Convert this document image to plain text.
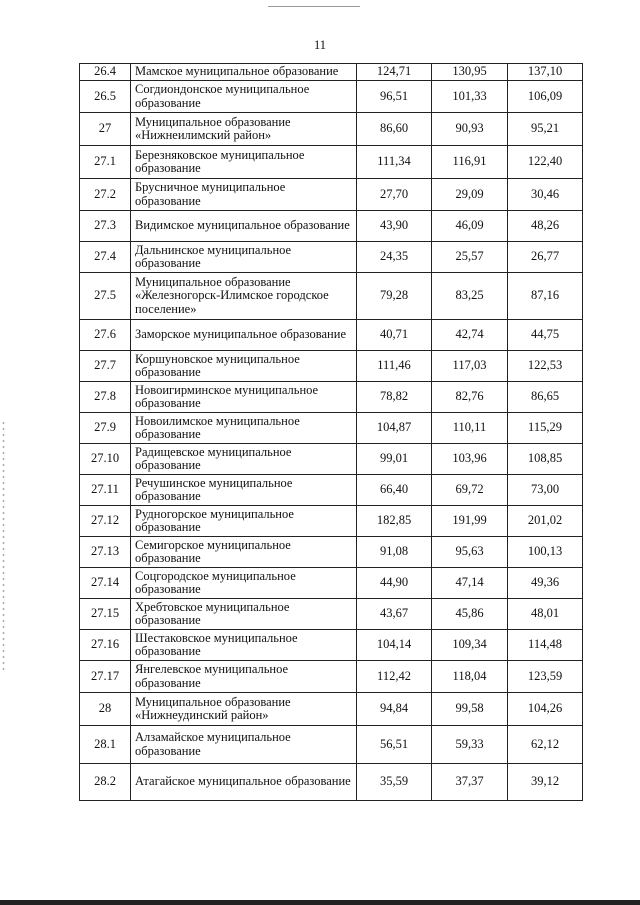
11
26.4	Мамское муниципальное образование	124,71	130,95	137,10
26.5	Согдиондонское муниципальное образование	96,51	101,33	106,09
27	Муниципальное образование «Нижнеилимский район»	86,60	90,93	95,21
27.1	Березняковское муниципальное образование	111,34	116,91	122,40
27.2	Брусничное муниципальное образование	27,70	29,09	30,46
27.3	Видимское муниципальное образование	43,90	46,09	48,26
27.4	Дальнинское муниципальное образование	24,35	25,57	26,77
27.5	Муниципальное образование «Железногорск-Илимское городское поселение»	79,28	83,25	87,16
27.6	Заморское муниципальное образование	40,71	42,74	44,75
27.7	Коршуновское муниципальное образование	111,46	117,03	122,53
27.8	Новоигирминское муниципальное образование	78,82	82,76	86,65
27.9	Новоилимское муниципальное образование	104,87	110,11	115,29
27.10	Радищевское муниципальное образование	99,01	103,96	108,85
27.11	Речушинское муниципальное образование	66,40	69,72	73,00
27.12	Рудногорское муниципальное образование	182,85	191,99	201,02
27.13	Семигорское муниципальное образование	91,08	95,63	100,13
27.14	Соцгородское муниципальное образование	44,90	47,14	49,36
27.15	Хребтовское муниципальное образование	43,67	45,86	48,01
27.16	Шестаковское муниципальное образование	104,14	109,34	114,48
27.17	Янгелевское муниципальное образование	112,42	118,04	123,59
28	Муниципальное образование «Нижнеудинский район»	94,84	99,58	104,26
28.1	Алзамайское муниципальное образование	56,51	59,33	62,12
28.2	Атагайское муниципальное образование	35,59	37,37	39,12
